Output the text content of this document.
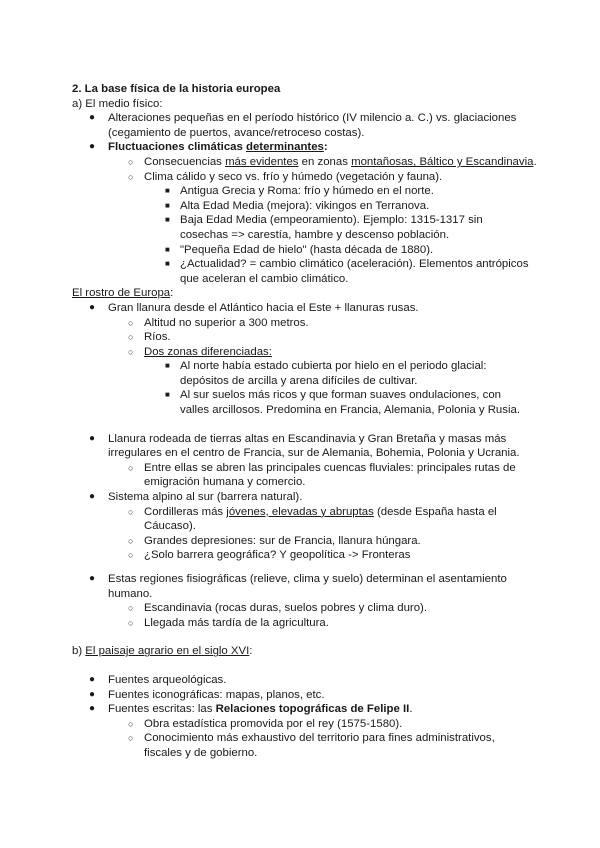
2. La base física de la historia europea
a) El medio físico:
● Alteraciones pequeñas en el período histórico (IV milencio a. C.) vs. glaciaciones (cegamiento de puertos, avance/retroceso costas).
● Fluctuaciones climáticas determinantes:
○ Consecuencias más evidentes en zonas montañosas, Báltico y Escandinavia.
○ Clima cálido y seco vs. frío y húmedo (vegetación y fauna).
■ Antigua Grecia y Roma: frío y húmedo en el norte.
■ Alta Edad Media (mejora): vikingos en Terranova.
■ Baja Edad Media (empeoramiento). Ejemplo: 1315-1317 sin cosechas => carestía, hambre y descenso población.
■ "Pequeña Edad de hielo" (hasta década de 1880).
■ ¿Actualidad? = cambio climático (aceleración). Elementos antrópicos que aceleran el cambio climático.
El rostro de Europa:
● Gran llanura desde el Atlántico hacia el Este + llanuras rusas.
○ Altitud no superior a 300 metros.
○ Ríos.
○ Dos zonas diferenciadas:
■ Al norte había estado cubierta por hielo en el periodo glacial: depósitos de arcilla y arena difíciles de cultivar.
■ Al sur suelos más ricos y que forman suaves ondulaciones, con valles arcillosos. Predomina en Francia, Alemania, Polonia y Rusia.
● Llanura rodeada de tierras altas en Escandinavia y Gran Bretaña y masas más irregulares en el centro de Francia, sur de Alemania, Bohemia, Polonia y Ucrania.
○ Entre ellas se abren las principales cuencas fluviales: principales rutas de emigración humana y comercio.
● Sistema alpino al sur (barrera natural).
○ Cordilleras más jóvenes, elevadas y abruptas (desde España hasta el Cáucaso).
○ Grandes depresiones: sur de Francia, llanura húngara.
○ ¿Solo barrera geográfica? Y geopolítica -> Fronteras
● Estas regiones fisiográficas (relieve, clima y suelo) determinan el asentamiento humano.
○ Escandinavia (rocas duras, suelos pobres y clima duro).
○ Llegada más tardía de la agricultura.
b) El paisaje agrario en el siglo XVI:
● Fuentes arqueológicas.
● Fuentes iconográficas: mapas, planos, etc.
● Fuentes escritas: las Relaciones topográficas de Felipe II.
○ Obra estadística promovida por el rey (1575-1580).
○ Conocimiento más exhaustivo del territorio para fines administrativos, fiscales y de gobierno.
